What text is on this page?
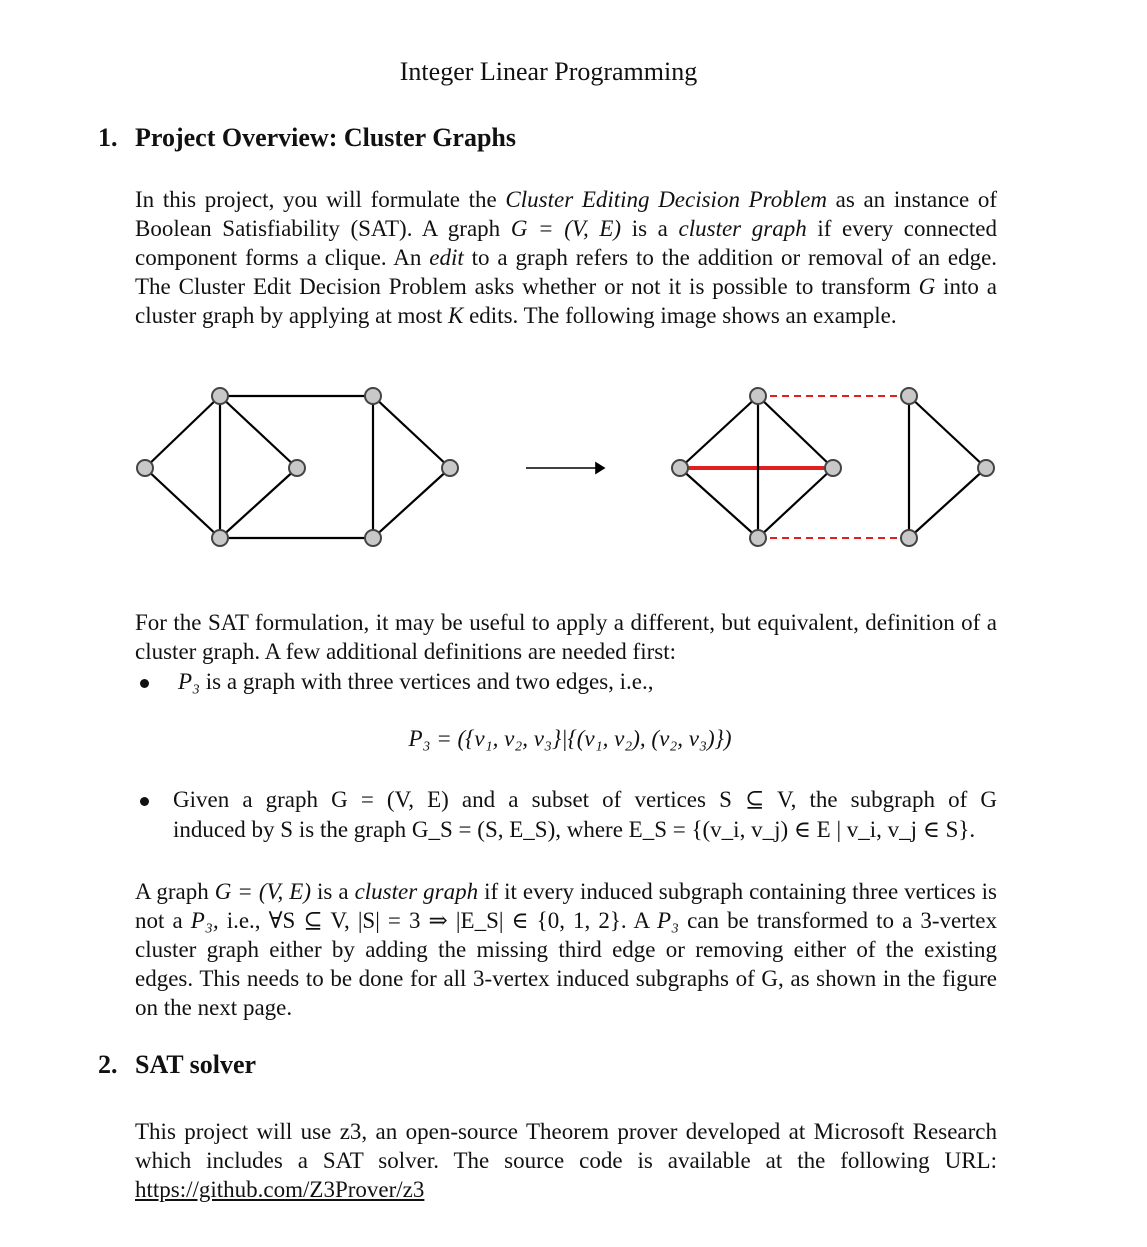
Integer Linear Programming
1. Project Overview: Cluster Graphs
In this project, you will formulate the Cluster Editing Decision Problem as an instance of Boolean Satisfiability (SAT). A graph G = (V, E) is a cluster graph if every connected component forms a clique. An edit to a graph refers to the addition or removal of an edge. The Cluster Edit Decision Problem asks whether or not it is possible to transform G into a cluster graph by applying at most K edits. The following image shows an example.
For the SAT formulation, it may be useful to apply a different, but equivalent, definition of a cluster graph. A few additional definitions are needed first:
P₃ is a graph with three vertices and two edges, i.e.,
P₃ = ({v₁, v₂, v₃}|{(v₁, v₂), (v₂, v₃)})
Given a graph G = (V, E) and a subset of vertices S ⊆ V, the subgraph of G
induced by S is the graph G_S = (S, E_S), where E_S = {(v_i, v_j) ∈ E | v_i, v_j ∈ S}.
A graph G = (V, E) is a cluster graph if it every induced subgraph containing three vertices is not a P₃, i.e., ∀S ⊆ V, |S| = 3 ⇒ |E_S| ∈ {0, 1, 2}. A P₃ can be transformed to a 3-vertex cluster graph either by adding the missing third edge or removing either of the existing edges. This needs to be done for all 3-vertex induced subgraphs of G, as shown in the figure on the next page.
2. SAT solver
This project will use z3, an open-source Theorem prover developed at Microsoft Research which includes a SAT solver. The source code is available at the following URL:https://github.com/Z3Prover/z3
